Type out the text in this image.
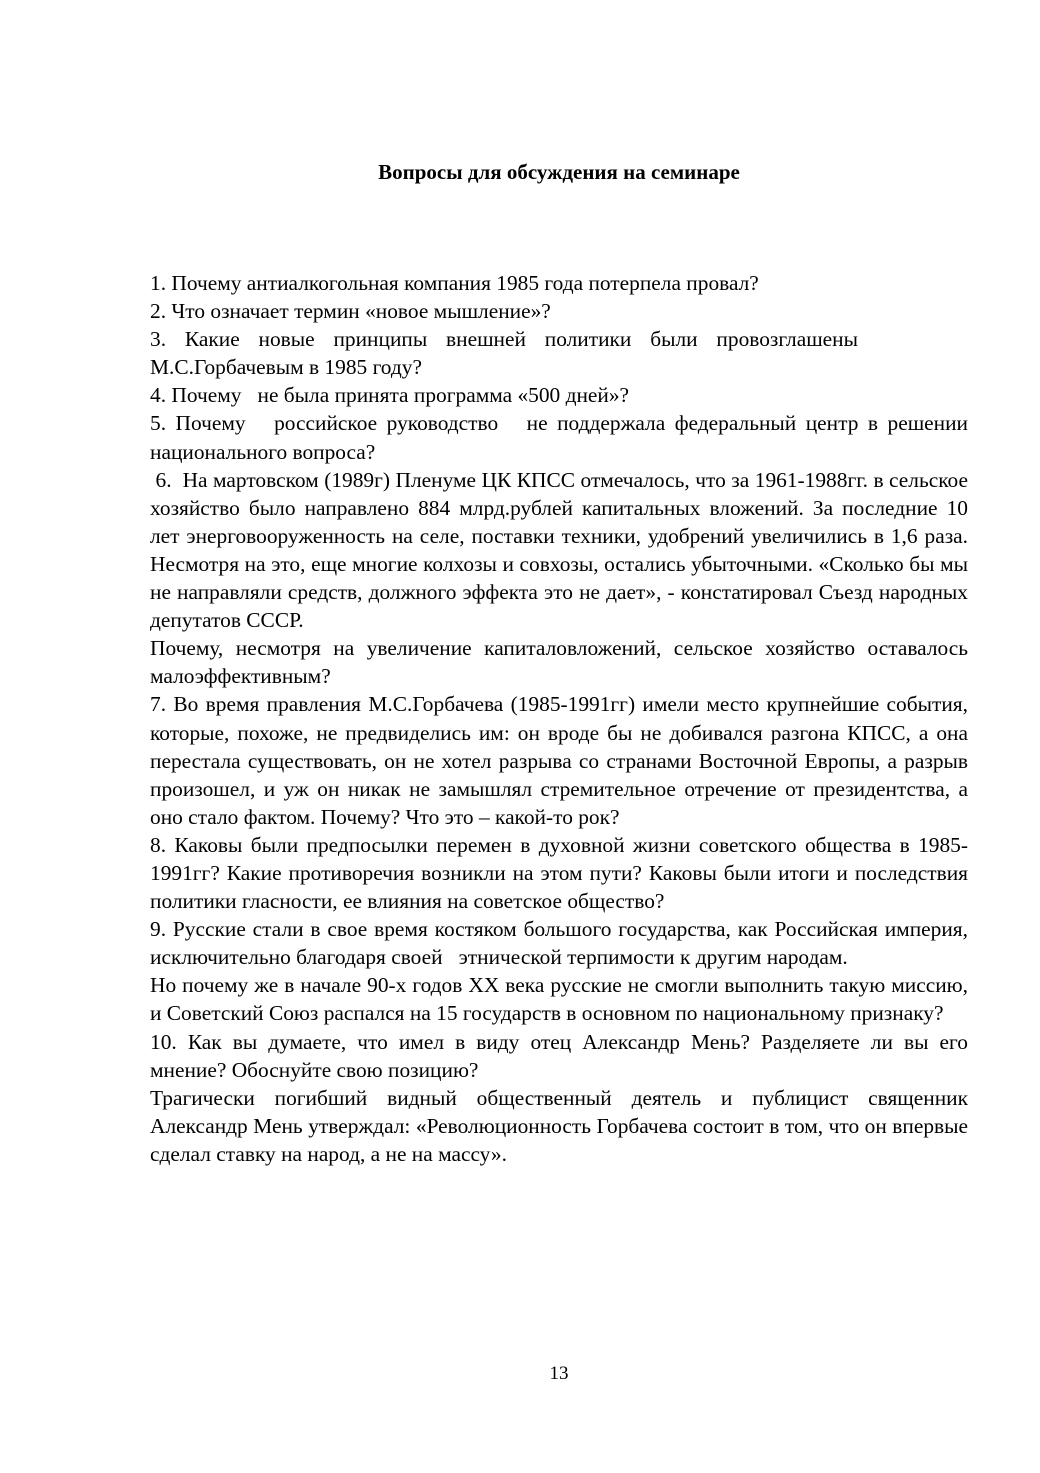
Вопросы для обсуждения на семинаре

1. Почему антиалкогольная компания 1985 года потерпела провал?

2. Что означает термин «новое мышление»?

3. Какие новые принципы внешней политики были провозглашены М.С.Горбачевым в 1985 году?

4. Почему   не была принята программа «500 дней»?

5. Почему   российское руководство   не поддержала федеральный центр в решении национального вопроса?

6.  На мартовском (1989г) Пленуме ЦК КПСС отмечалось, что за 1961-1988гг. в сельское хозяйство было направлено 884 млрд.рублей капитальных вложений. За последние 10 лет энерговооруженность на селе, поставки техники, удобрений увеличились в 1,6 раза. Несмотря на это, еще многие колхозы и совхозы, остались убыточными. «Сколько бы мы не направляли средств, должного эффекта это не дает», - констатировал Съезд народных депутатов СССР.

Почему, несмотря на увеличение капиталовложений, сельское хозяйство оставалось малоэффективным?

7. Во время правления М.С.Горбачева (1985-1991гг) имели место крупнейшие события, которые, похоже, не предвиделись им: он вроде бы не добивался разгона КПСС, а она перестала существовать, он не хотел разрыва со странами Восточной Европы, а разрыв произошел, и уж он никак не замышлял стремительное отречение от президентства, а оно стало фактом. Почему? Что это – какой-то рок?

8. Каковы были предпосылки перемен в духовной жизни советского общества в 1985-1991гг? Какие противоречия возникли на этом пути? Каковы были итоги и последствия политики гласности, ее влияния на советское общество?

9. Русские стали в свое время костяком большого государства, как Российская империя, исключительно благодаря своей   этнической терпимости к другим народам.

Но почему же в начале 90-х годов ХХ века русские не смогли выполнить такую миссию, и Советский Союз распался на 15 государств в основном по национальному признаку?

10. Как вы думаете, что имел в виду отец Александр Мень? Разделяете ли вы его мнение? Обоснуйте свою позицию?

Трагически погибший видный общественный деятель и публицист священник Александр Мень утверждал: «Революционность Горбачева состоит в том, что он впервые сделал ставку на народ, а не на массу».

13
